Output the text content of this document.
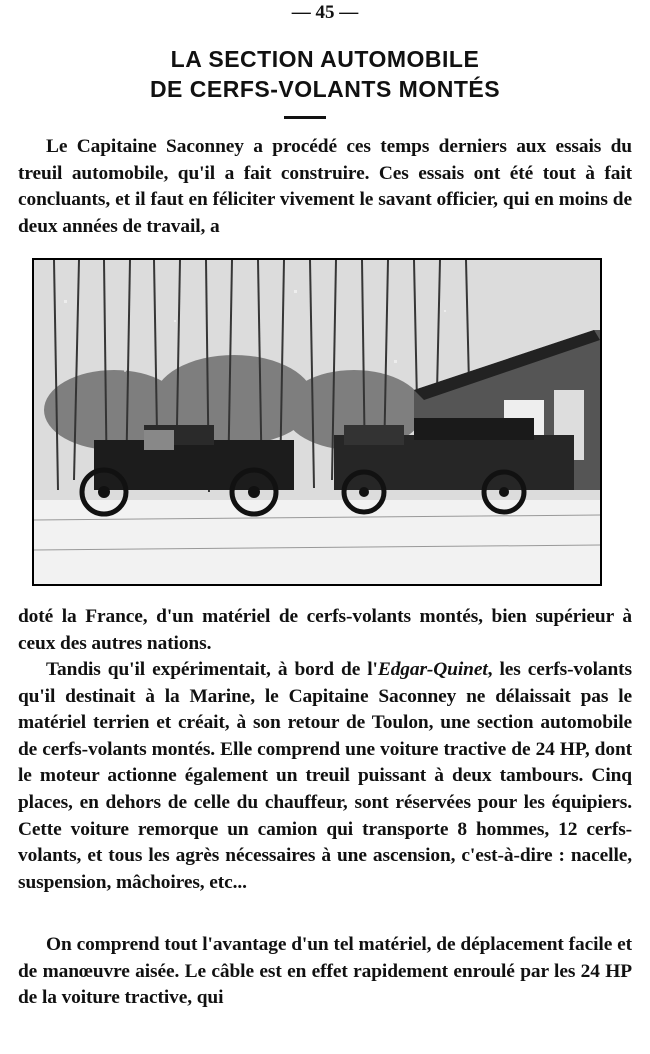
— 45 —
LA SECTION AUTOMOBILE
DE CERFS-VOLANTS MONTÉS

Le Capitaine Saconney a procédé ces temps derniers aux essais du treuil automobile, qu'il a fait construire. Ces essais ont été tout à fait concluants, et il faut en féliciter vivement le savant officier, qui en moins de deux années de travail, a

doté la France, d'un matériel de cerfs-volants montés, bien supérieur à ceux des autres nations.

Tandis qu'il expérimentait, à bord de l'Edgar-Quinet, les cerfs-volants qu'il destinait à la Marine, le Capitaine Saconney ne délaissait pas le matériel terrien et créait, à son retour de Toulon, une section automobile de cerfs-volants montés. Elle comprend une voiture tractive de 24 HP, dont le moteur actionne également un treuil puissant à deux tambours. Cinq places, en dehors de celle du chauffeur, sont réservées pour les équipiers. Cette voiture remorque un camion qui transporte 8 hommes, 12 cerfs-volants, et tous les agrès nécessaires à une ascension, c'est-à-dire : nacelle, suspension, mâchoires, etc...

On comprend tout l'avantage d'un tel matériel, de déplacement facile et de manœuvre aisée. Le câble est en effet rapidement enroulé par les 24 HP de la voiture tractive, qui
